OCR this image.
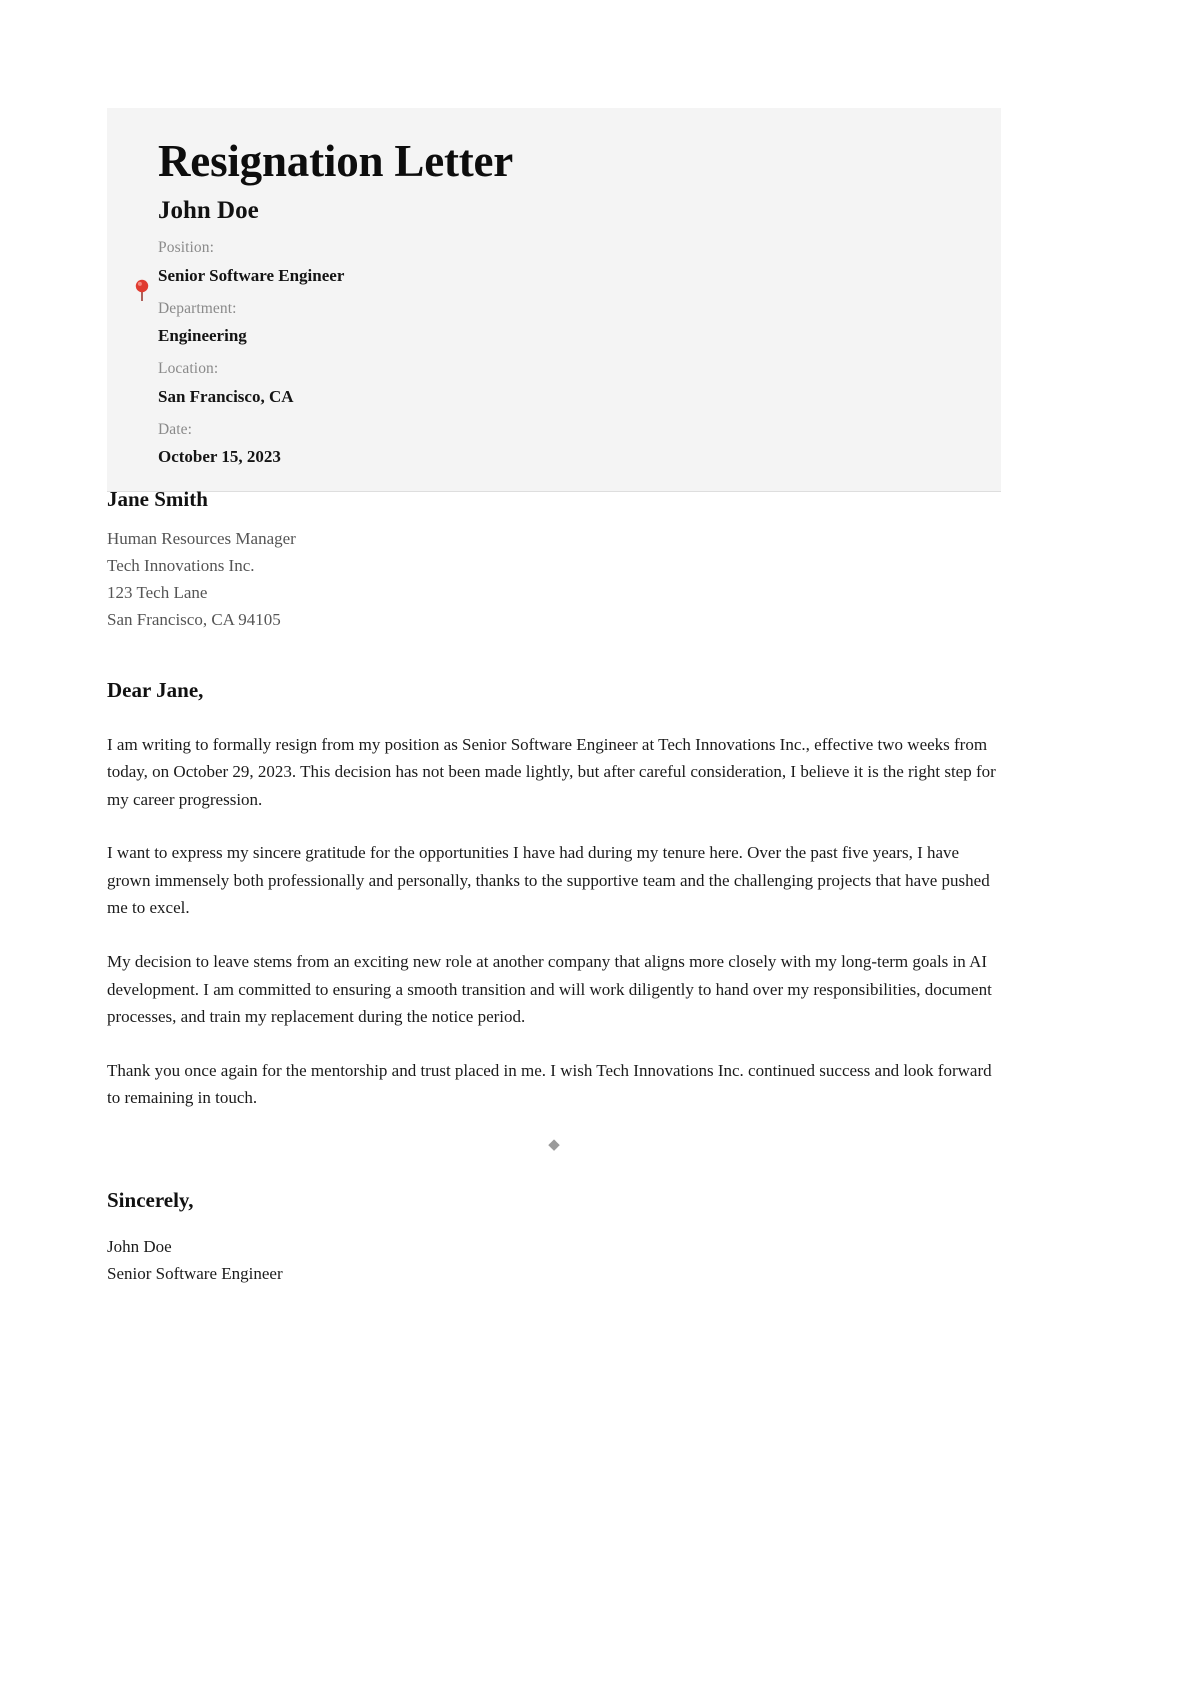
Resignation Letter
John Doe

Position:

Senior Software Engineer

Department:

Engineering

Location:

San Francisco, CA

Date:

October 15, 2023

Jane Smith

Human Resources Manager

Tech Innovations Inc.

123 Tech Lane

San Francisco, CA 94105

Dear Jane,

I am writing to formally resign from my position as Senior Software Engineer at Tech Innovations Inc., effective two weeks from today, on October 29, 2023. This decision has not been made lightly, but after careful consideration, I believe it is the right step for my career progression.

I want to express my sincere gratitude for the opportunities I have had during my tenure here. Over the past five years, I have grown immensely both professionally and personally, thanks to the supportive team and the challenging projects that have pushed me to excel.

My decision to leave stems from an exciting new role at another company that aligns more closely with my long-term goals in AI development. I am committed to ensuring a smooth transition and will work diligently to hand over my responsibilities, document processes, and train my replacement during the notice period.

Thank you once again for the mentorship and trust placed in me. I wish Tech Innovations Inc. continued success and look forward to remaining in touch.

◆
Sincerely,

John Doe

Senior Software Engineer
